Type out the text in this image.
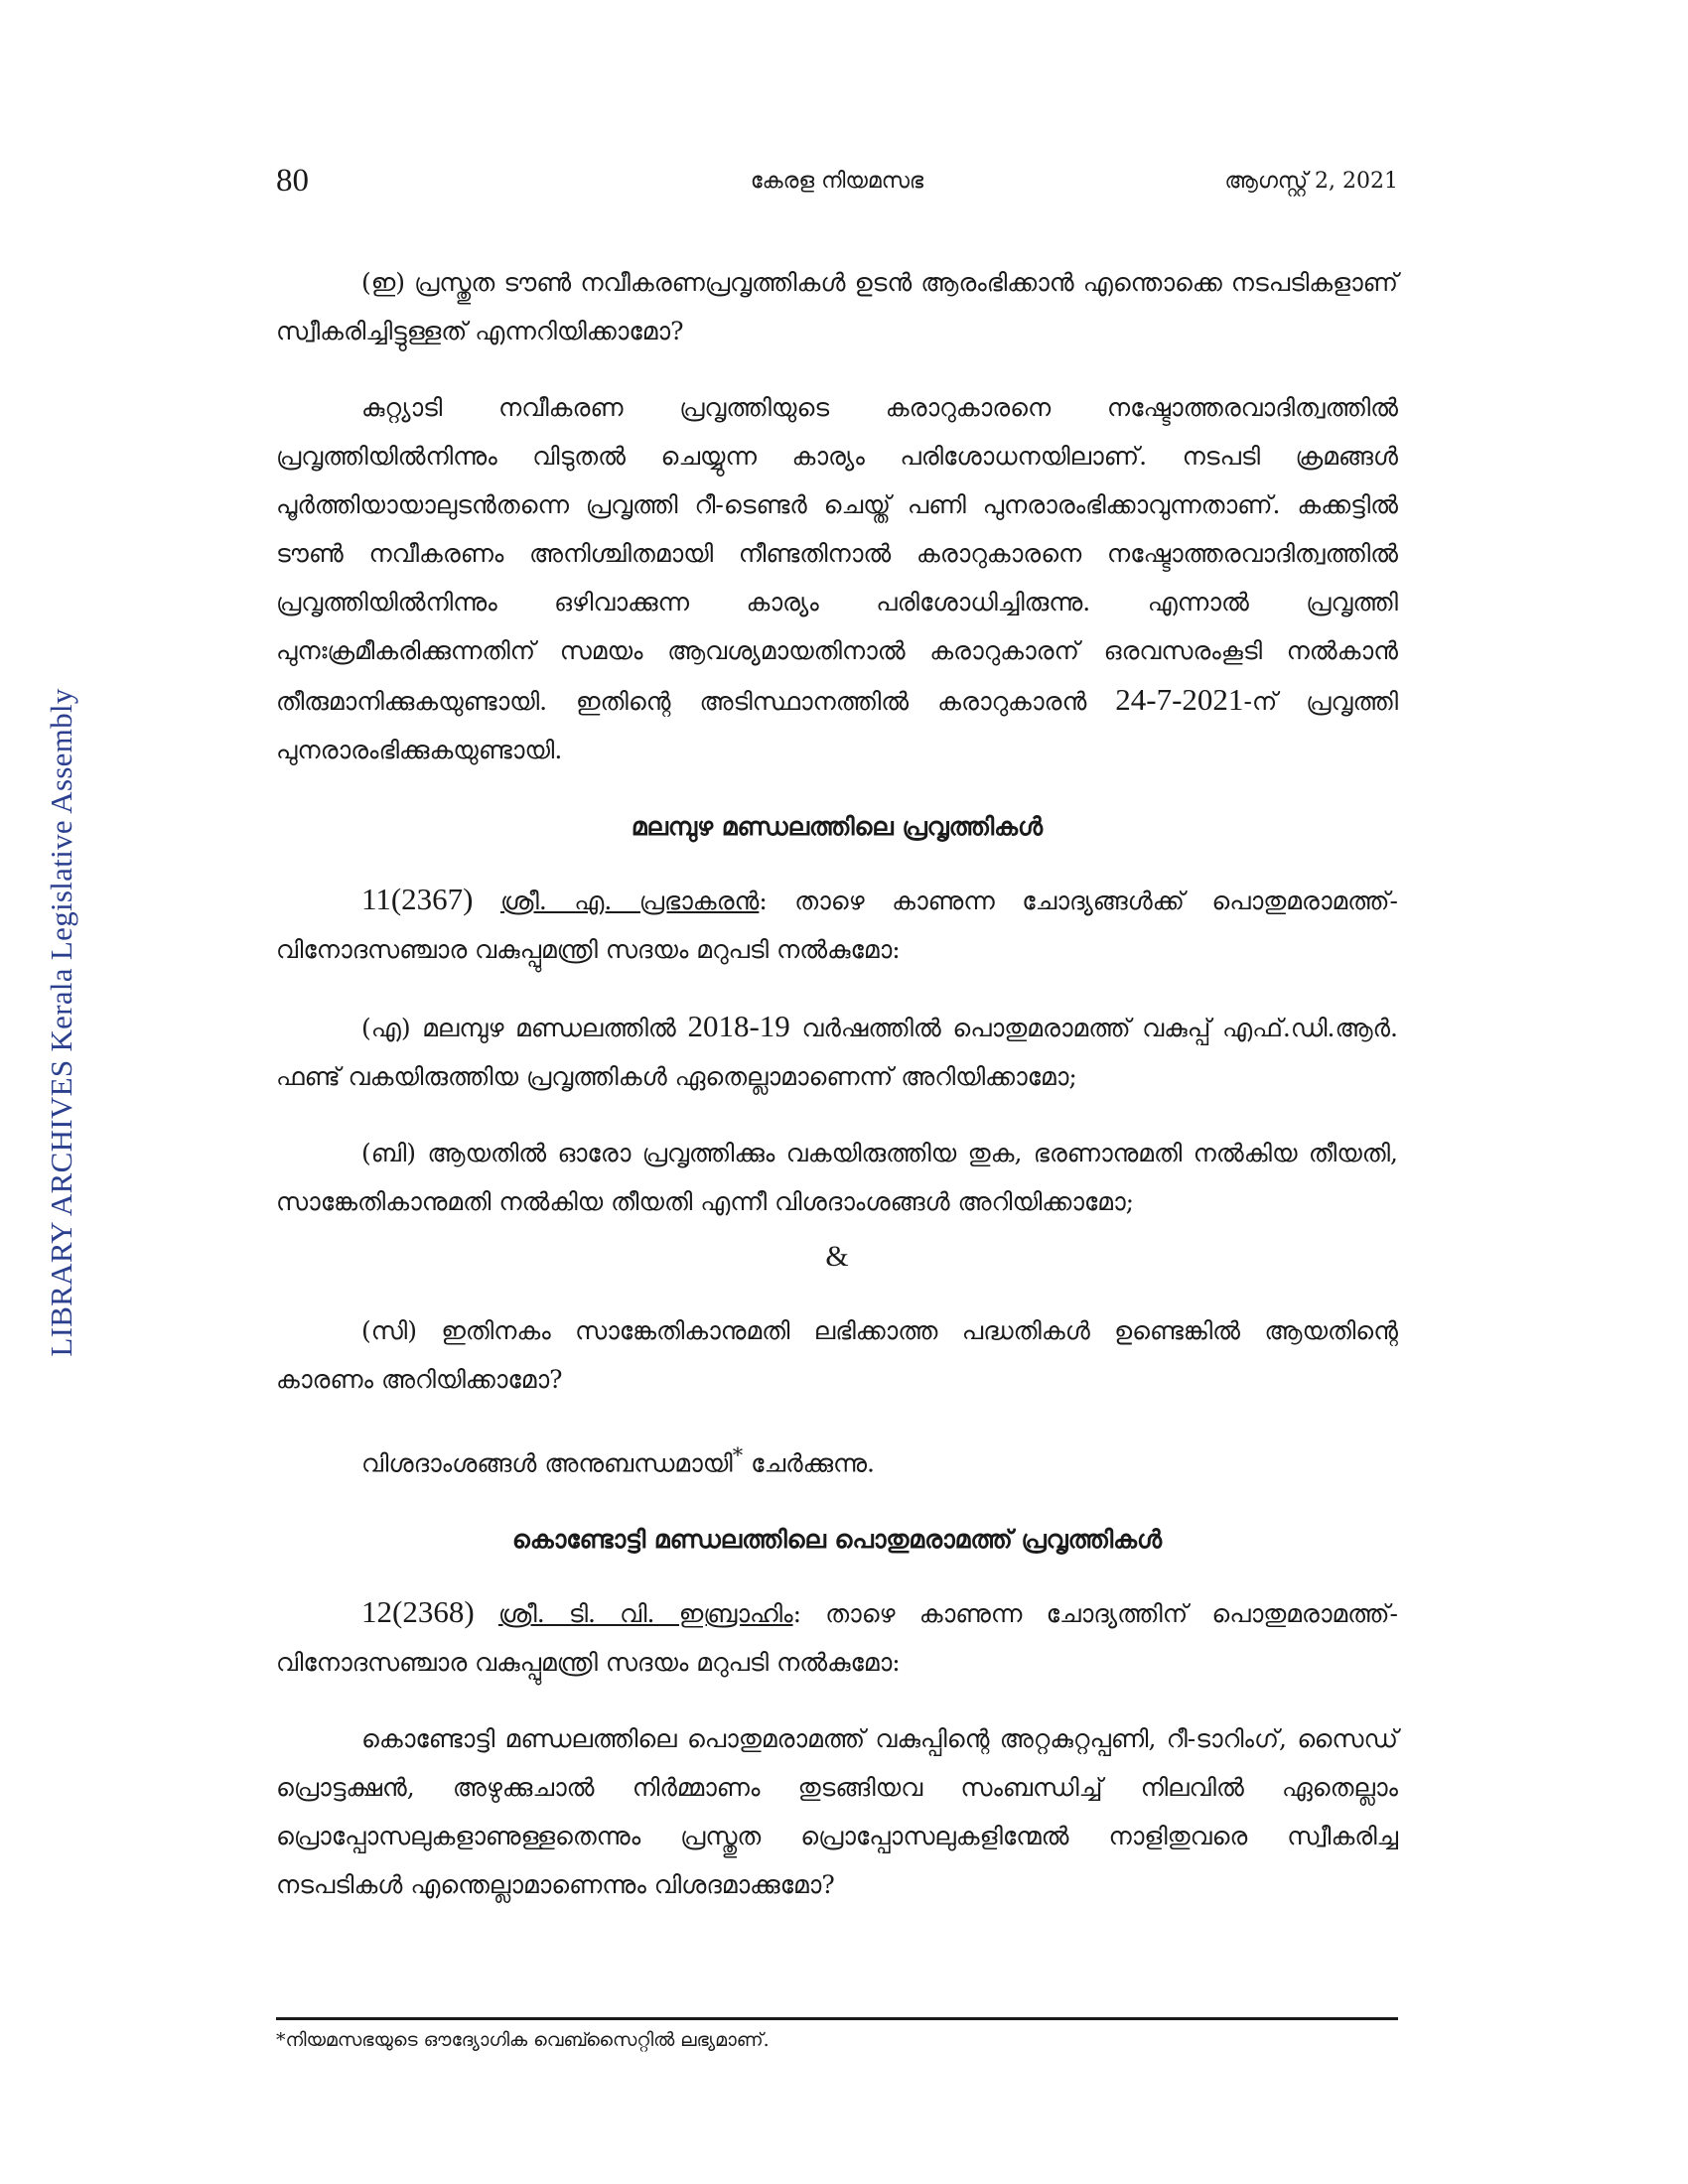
LIBRARY ARCHIVES Kerala Legislative Assembly
80	കേരള നിയമസഭ	ആഗസ്റ്റ് 2, 2021

(ഇ) പ്രസ്തുത ടൗൺ നവീകരണപ്രവൃത്തികൾ ഉടൻ ആരംഭിക്കാൻ എന്തൊക്കെ നടപടികളാണ് സ്വീകരിച്ചിട്ടുള്ളത് എന്നറിയിക്കാമോ?

കുറ്റ്യാടി നവീകരണ പ്രവൃത്തിയുടെ കരാറുകാരനെ നഷ്ടോത്തരവാദിത്വത്തിൽ പ്രവൃത്തിയിൽനിന്നും വിടുതൽ ചെയ്യുന്ന കാര്യം പരിശോധനയിലാണ്. നടപടി ക്രമങ്ങൾ പൂർത്തിയായാലുടൻതന്നെ പ്രവൃത്തി റീ-ടെണ്ടർ ചെയ്ത് പണി പുനരാരംഭിക്കാവുന്നതാണ്. കക്കട്ടിൽ ടൗൺ നവീകരണം അനിശ്ചിതമായി നീണ്ടതിനാൽ കരാറുകാരനെ നഷ്ടോത്തരവാദിത്വത്തിൽ പ്രവൃത്തിയിൽനിന്നും ഒഴിവാക്കുന്ന കാര്യം പരിശോധിച്ചിരുന്നു. എന്നാൽ പ്രവൃത്തി പുനഃക്രമീകരിക്കുന്നതിന് സമയം ആവശ്യമായതിനാൽ കരാറുകാരന് ഒരവസരംകൂടി നൽകാൻ തീരുമാനിക്കുകയുണ്ടായി. ഇതിന്റെ അടിസ്ഥാനത്തിൽ കരാറുകാരൻ 24-7-2021-ന് പ്രവൃത്തി പുനരാരംഭിക്കുകയുണ്ടായി.

മലമ്പുഴ മണ്ഡലത്തിലെ പ്രവൃത്തികൾ

11(2367) ശ്രീ. എ. പ്രഭാകരൻ: താഴെ കാണുന്ന ചോദ്യങ്ങൾക്ക് പൊതുമരാമത്ത്-വിനോദസഞ്ചാര വകുപ്പുമന്ത്രി സദയം മറുപടി നൽകുമോ:

(എ) മലമ്പുഴ മണ്ഡലത്തിൽ 2018-19 വർഷത്തിൽ പൊതുമരാമത്ത് വകുപ്പ് എഫ്.ഡി.ആർ. ഫണ്ട് വകയിരുത്തിയ പ്രവൃത്തികൾ ഏതെല്ലാമാണെന്ന് അറിയിക്കാമോ;

(ബി) ആയതിൽ ഓരോ പ്രവൃത്തിക്കും വകയിരുത്തിയ തുക, ഭരണാനുമതി നൽകിയ തീയതി, സാങ്കേതികാനുമതി നൽകിയ തീയതി എന്നീ വിശദാംശങ്ങൾ അറിയിക്കാമോ;

&

(സി) ഇതിനകം സാങ്കേതികാനുമതി ലഭിക്കാത്ത പദ്ധതികൾ ഉണ്ടെങ്കിൽ ആയതിന്റെ കാരണം അറിയിക്കാമോ?

വിശദാംശങ്ങൾ അനുബന്ധമായി* ചേർക്കുന്നു.

കൊണ്ടോട്ടി മണ്ഡലത്തിലെ പൊതുമരാമത്ത് പ്രവൃത്തികൾ

12(2368) ശ്രീ. ടി. വി. ഇബ്രാഹിം: താഴെ കാണുന്ന ചോദ്യത്തിന് പൊതുമരാമത്ത്-വിനോദസഞ്ചാര വകുപ്പുമന്ത്രി സദയം മറുപടി നൽകുമോ:

കൊണ്ടോട്ടി മണ്ഡലത്തിലെ പൊതുമരാമത്ത് വകുപ്പിന്റെ അറ്റകുറ്റപ്പണി, റീ-ടാറിംഗ്, സൈഡ് പ്രൊട്ടക്ഷൻ, അഴുക്കുചാൽ നിർമ്മാണം തുടങ്ങിയവ സംബന്ധിച്ച് നിലവിൽ ഏതെല്ലാം പ്രൊപ്പോസലുകളാണുള്ളതെന്നും പ്രസ്തുത പ്രൊപ്പോസലുകളിന്മേൽ നാളിതുവരെ സ്വീകരിച്ച നടപടികൾ എന്തെല്ലാമാണെന്നും വിശദമാക്കുമോ?

*നിയമസഭയുടെ ഔദ്യോഗിക വെബ്സൈറ്റിൽ ലഭ്യമാണ്.
